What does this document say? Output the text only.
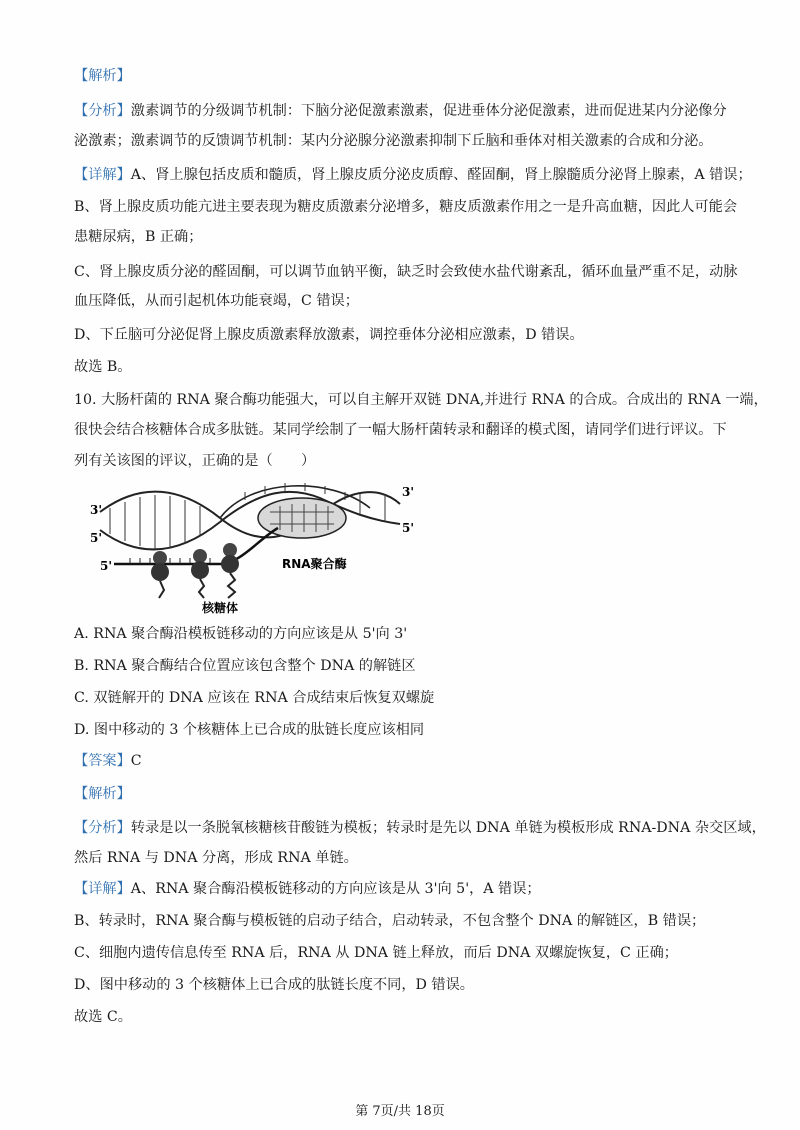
【解析】
【分析】激素调节的分级调节机制：下脑分泌促激素激素，促进垂体分泌促激素，进而促进某内分泌像分
泌激素；激素调节的反馈调节机制：某内分泌腺分泌激素抑制下丘脑和垂体对相关激素的合成和分泌。
【详解】A、肾上腺包括皮质和髓质，肾上腺皮质分泌皮质醇、醛固酮，肾上腺髓质分泌肾上腺素，A 错误；
B、肾上腺皮质功能亢进主要表现为糖皮质激素分泌增多，糖皮质激素作用之一是升高血糖，因此人可能会
患糖尿病，B 正确；
C、肾上腺皮质分泌的醛固酮，可以调节血钠平衡，缺乏时会致使水盐代谢紊乱，循环血量严重不足，动脉
血压降低，从而引起机体功能衰竭，C 错误；
D、下丘脑可分泌促肾上腺皮质激素释放激素，调控垂体分泌相应激素，D 错误。
故选 B。
10. 大肠杆菌的 RNA 聚合酶功能强大，可以自主解开双链 DNA,并进行 RNA 的合成。合成出的 RNA 一端，
很快会结合核糖体合成多肽链。某同学绘制了一幅大肠杆菌转录和翻译的模式图，请同学们进行评议。下
列有关该图的评议，正确的是（　　）
3'
5'
3'
5'
5'	RNA聚合酶
核糖体
A. RNA 聚合酶沿模板链移动的方向应该是从 5'向 3'
B. RNA 聚合酶结合位置应该包含整个 DNA 的解链区
C. 双链解开的 DNA 应该在 RNA 合成结束后恢复双螺旋
D. 图中移动的 3 个核糖体上已合成的肽链长度应该相同
【答案】C
【解析】
【分析】转录是以一条脱氧核糖核苷酸链为模板；转录时是先以 DNA 单链为模板形成 RNA-DNA 杂交区域，
然后 RNA 与 DNA 分离，形成 RNA 单链。
【详解】A、RNA 聚合酶沿模板链移动的方向应该是从 3'向 5'，A 错误；
B、转录时，RNA 聚合酶与模板链的启动子结合，启动转录，不包含整个 DNA 的解链区，B 错误；
C、细胞内遗传信息传至 RNA 后，RNA 从 DNA 链上释放，而后 DNA 双螺旋恢复，C 正确；
D、图中移动的 3 个核糖体上已合成的肽链长度不同，D 错误。
故选 C。
第 7页/共 18页
